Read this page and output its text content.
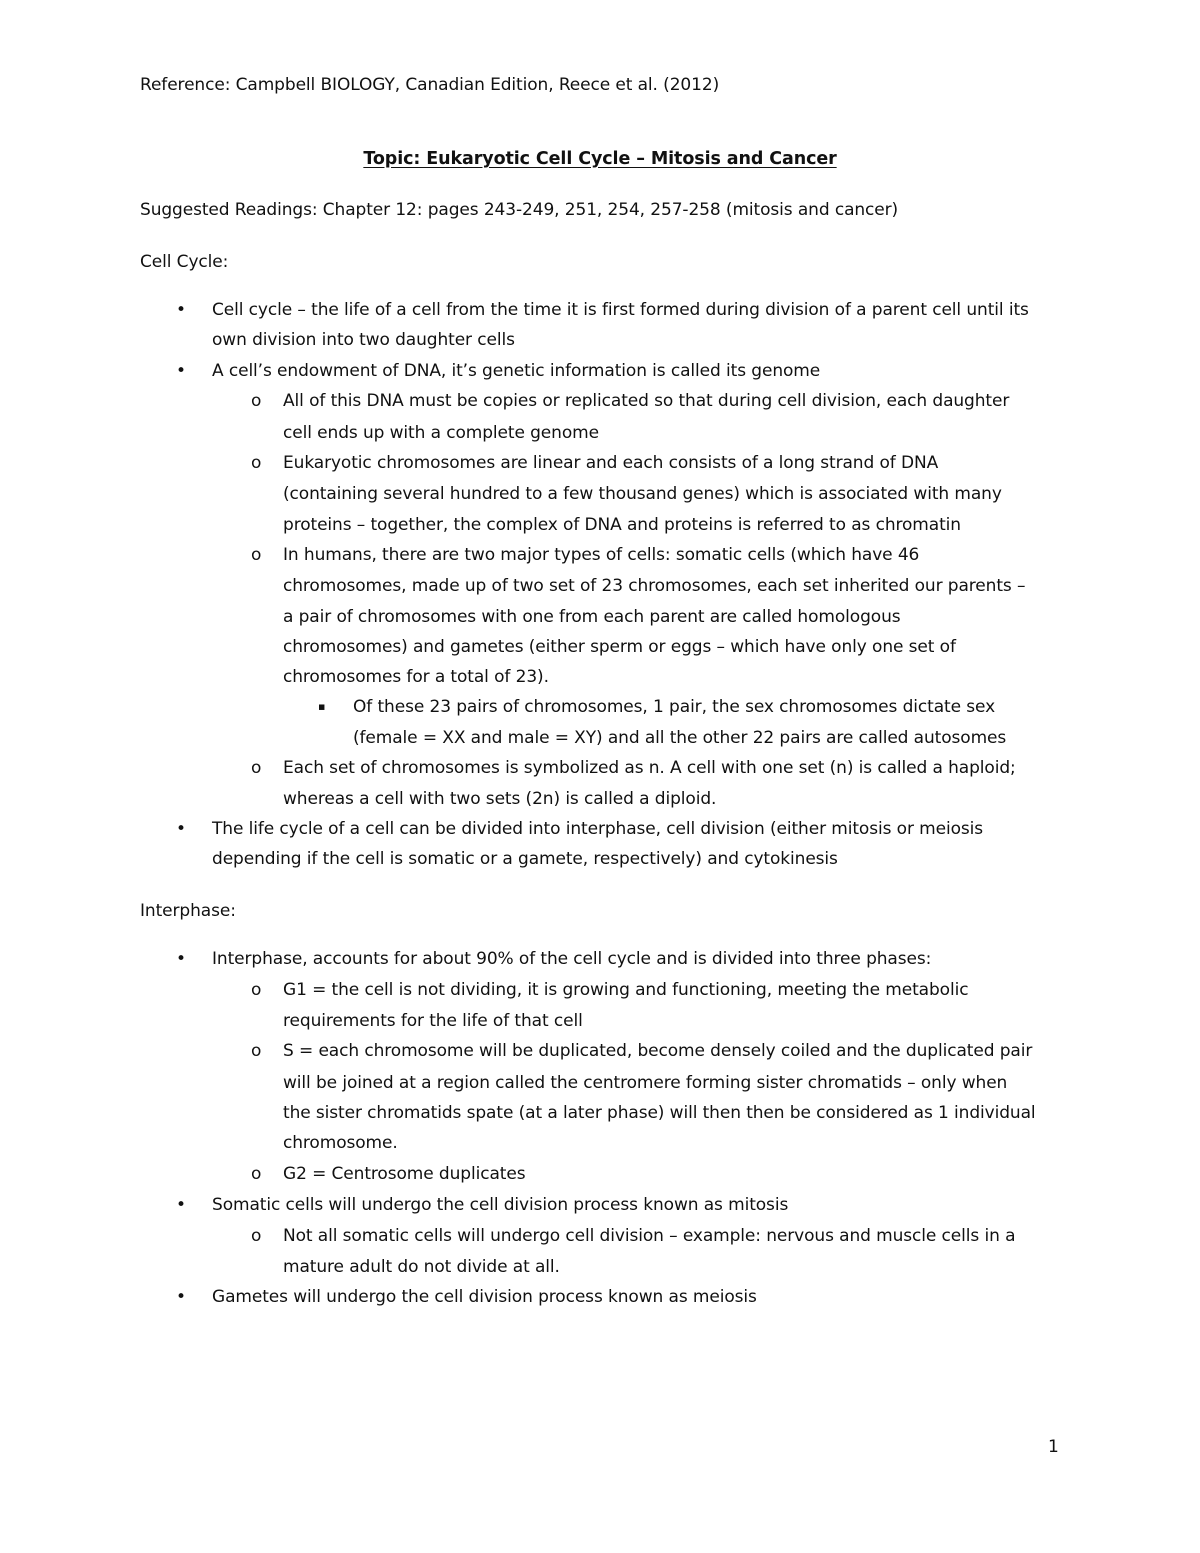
Reference: Campbell BIOLOGY, Canadian Edition, Reece et al. (2012)
Topic: Eukaryotic Cell Cycle – Mitosis and Cancer
Suggested Readings: Chapter 12: pages 243-249, 251, 254, 257-258 (mitosis and cancer)
Cell Cycle:
• Cell cycle – the life of a cell from the time it is first formed during division of a parent cell until its
own division into two daughter cells
• A cell’s endowment of DNA, it’s genetic information is called its genome
o All of this DNA must be copies or replicated so that during cell division, each daughter
cell ends up with a complete genome
o Eukaryotic chromosomes are linear and each consists of a long strand of DNA
(containing several hundred to a few thousand genes) which is associated with many
proteins – together, the complex of DNA and proteins is referred to as chromatin
o In humans, there are two major types of cells: somatic cells (which have 46
chromosomes, made up of two set of 23 chromosomes, each set inherited our parents –
a pair of chromosomes with one from each parent are called homologous
chromosomes) and gametes (either sperm or eggs – which have only one set of
chromosomes for a total of 23).
▪ Of these 23 pairs of chromosomes, 1 pair, the sex chromosomes dictate sex
(female = XX and male = XY) and all the other 22 pairs are called autosomes
o Each set of chromosomes is symbolized as n. A cell with one set (n) is called a haploid;
whereas a cell with two sets (2n) is called a diploid.
• The life cycle of a cell can be divided into interphase, cell division (either mitosis or meiosis
depending if the cell is somatic or a gamete, respectively) and cytokinesis
Interphase:
• Interphase, accounts for about 90% of the cell cycle and is divided into three phases:
o G1 = the cell is not dividing, it is growing and functioning, meeting the metabolic
requirements for the life of that cell
o S = each chromosome will be duplicated, become densely coiled and the duplicated pair
will be joined at a region called the centromere forming sister chromatids – only when
the sister chromatids spate (at a later phase) will then then be considered as 1 individual
chromosome.
o G2 = Centrosome duplicates
• Somatic cells will undergo the cell division process known as mitosis
o Not all somatic cells will undergo cell division – example: nervous and muscle cells in a
mature adult do not divide at all.
• Gametes will undergo the cell division process known as meiosis
1
